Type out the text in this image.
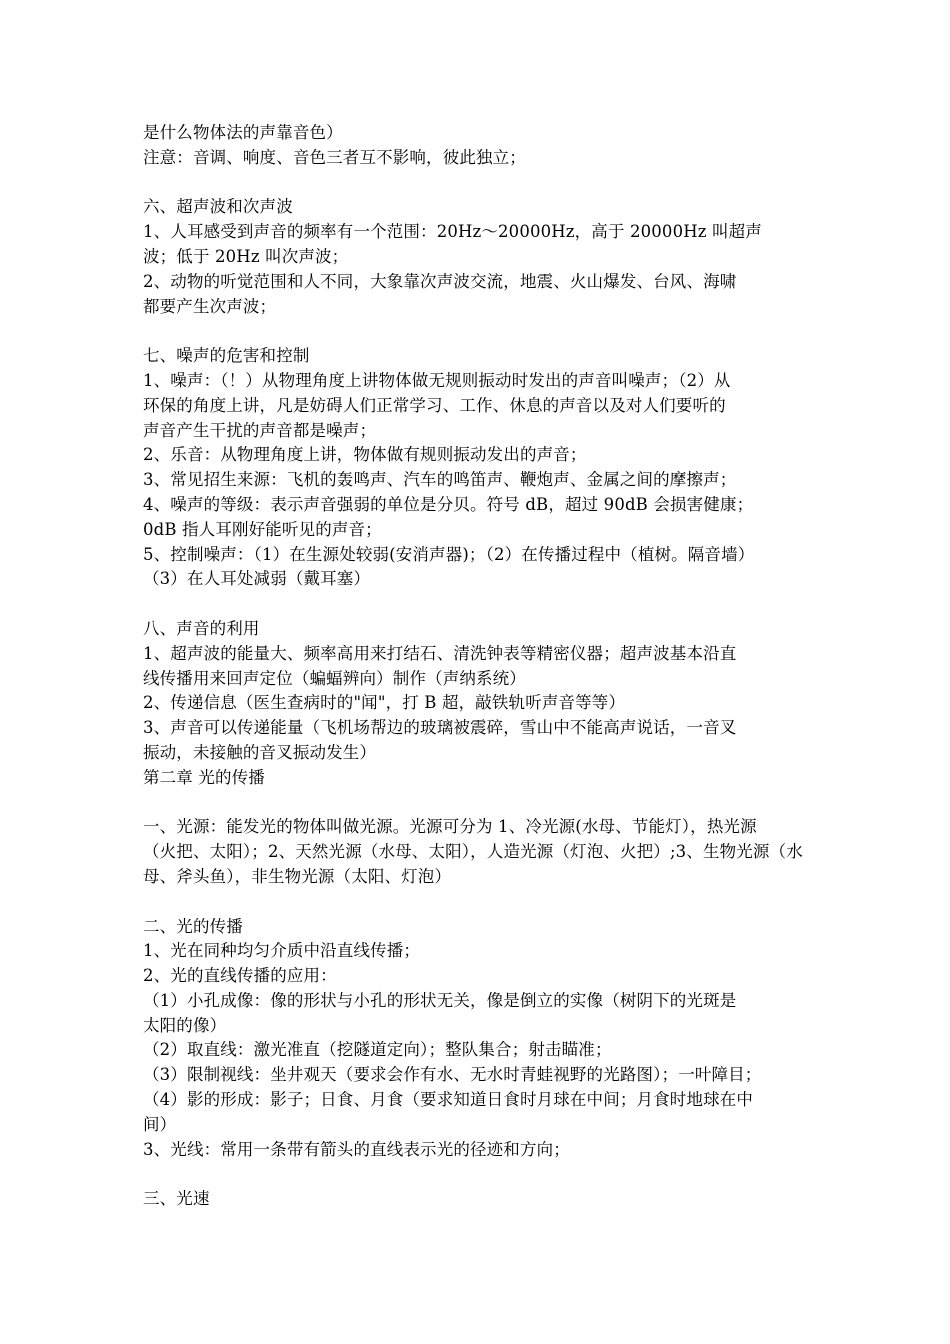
是什么物体法的声靠音色）
注意：音调、响度、音色三者互不影响，彼此独立；
六、超声波和次声波
1、人耳感受到声音的频率有一个范围：20Hz～20000Hz，高于 20000Hz 叫超声
波；低于 20Hz 叫次声波；
2、动物的听觉范围和人不同，大象靠次声波交流，地震、火山爆发、台风、海啸
都要产生次声波；
七、噪声的危害和控制
1、噪声：（！）从物理角度上讲物体做无规则振动时发出的声音叫噪声；（2）从
环保的角度上讲，凡是妨碍人们正常学习、工作、休息的声音以及对人们要听的
声音产生干扰的声音都是噪声；
2、乐音：从物理角度上讲，物体做有规则振动发出的声音；
3、常见招生来源：飞机的轰鸣声、汽车的鸣笛声、鞭炮声、金属之间的摩擦声；
4、噪声的等级：表示声音强弱的单位是分贝。符号 dB，超过 90dB 会损害健康；
0dB 指人耳刚好能听见的声音；
5、控制噪声：（1）在生源处较弱(安消声器)；（2）在传播过程中（植树。隔音墙）
（3）在人耳处减弱（戴耳塞）
八、声音的利用
1、超声波的能量大、频率高用来打结石、清洗钟表等精密仪器；超声波基本沿直
线传播用来回声定位（蝙蝠辨向）制作（声纳系统）
2、传递信息（医生查病时的"闻"，打 B 超，敲铁轨听声音等等）
3、声音可以传递能量（飞机场帮边的玻璃被震碎，雪山中不能高声说话，一音叉
振动，未接触的音叉振动发生）
第二章 光的传播
一、光源：能发光的物体叫做光源。光源可分为 1、冷光源(水母、节能灯），热光源
（火把、太阳）；2、天然光源（水母、太阳），人造光源（灯泡、火把）;3、生物光源（水
母、斧头鱼），非生物光源（太阳、灯泡）
二、光的传播
1、光在同种均匀介质中沿直线传播；
2、光的直线传播的应用：
（1）小孔成像：像的形状与小孔的形状无关，像是倒立的实像（树阴下的光斑是
太阳的像）
（2）取直线：激光准直（挖隧道定向）；整队集合；射击瞄准；
（3）限制视线：坐井观天（要求会作有水、无水时青蛙视野的光路图）；一叶障目；
（4）影的形成：影子；日食、月食（要求知道日食时月球在中间；月食时地球在中
间）
3、光线：常用一条带有箭头的直线表示光的径迹和方向；
三、光速
